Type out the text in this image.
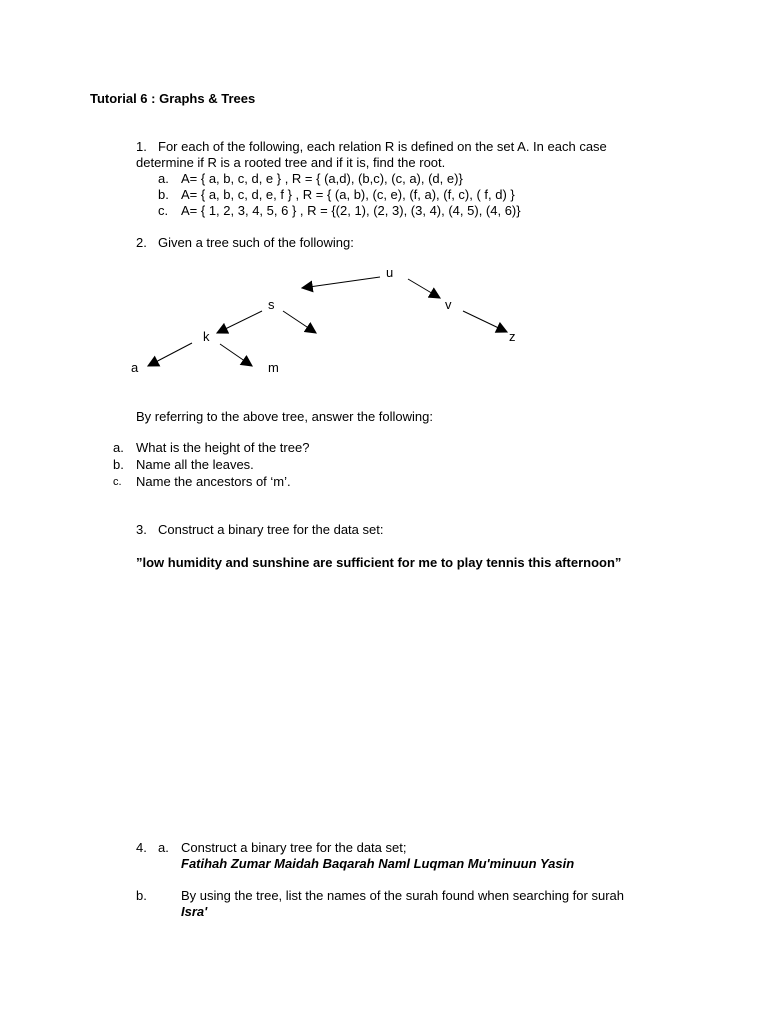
Tutorial 6 : Graphs & Trees
1. For each of the following, each relation R is defined on the set A. In each case
determine if R is a rooted tree and if it is, find the root.
a. A= { a, b, c, d, e } , R = { (a,d), (b,c), (c, a), (d, e)}
b. A= { a, b, c, d, e, f } , R = { (a, b), (c, e), (f, a), (f, c), ( f, d) }
c. A= { 1, 2, 3, 4, 5, 6 } , R = {(2, 1), (2, 3), (3, 4), (4, 5), (4, 6)}
2. Given a tree such of the following:
u
s	v
k	z
a	m
By referring to the above tree, answer the following:
a. What is the height of the tree?
b. Name all the leaves.
c. Name the ancestors of ‘m’.
3. Construct a binary tree for the data set:
”low humidity and sunshine are sufficient for me to play tennis this afternoon”
4. a. Construct a binary tree for the data set;
Fatihah Zumar Maidah Baqarah Naml Luqman Mu'minuun Yasin
b.	By using the tree, list the names of the surah found when searching for surah
Isra'
